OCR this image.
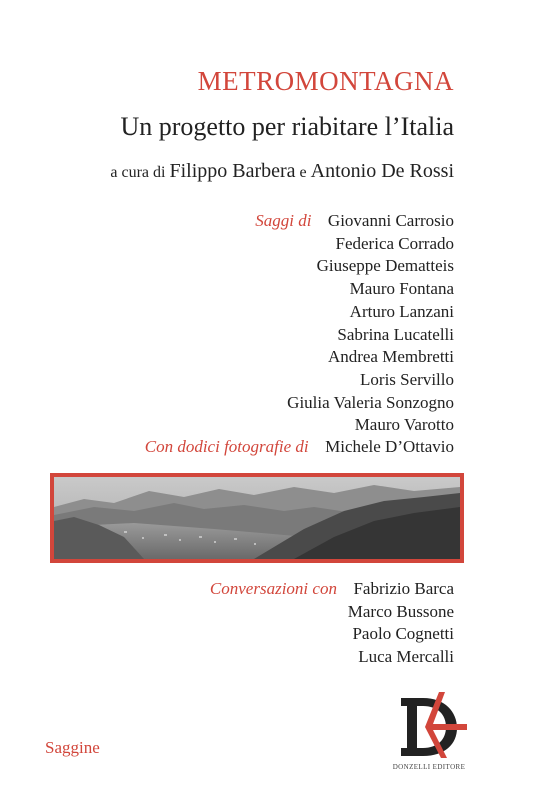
METROMONTAGNA
Un progetto per riabitare l’Italia
a cura di Filippo Barbera e Antonio De Rossi
Saggi di Giovanni Carrosio
Federica Corrado
Giuseppe Dematteis
Mauro Fontana
Arturo Lanzani
Sabrina Lucatelli
Andrea Membretti
Loris Servillo
Giulia Valeria Sonzogno
Mauro Varotto
Con dodici fotografie di Michele D’Ottavio
Conversazioni con Fabrizio Barca
Marco Bussone
Paolo Cognetti
Luca Mercalli
Saggine
DONZELLI EDITORE
